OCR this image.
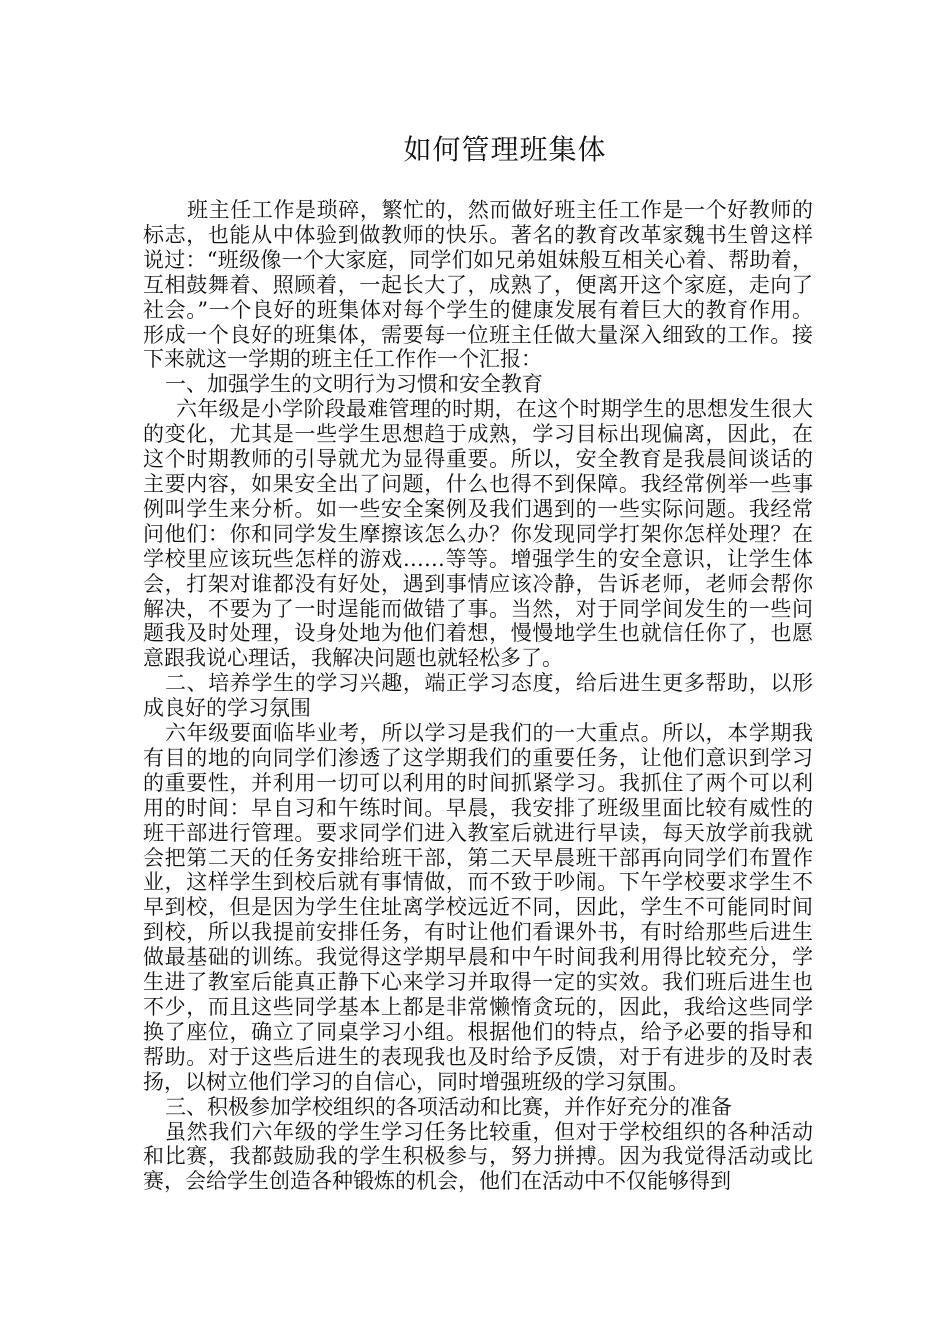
如何管理班集体

班主任工作是琐碎，繁忙的，然而做好班主任工作是一个好教师的标志，也能从中体验到做教师的快乐。著名的教育改革家魏书生曾这样说过：“班级像一个大家庭，同学们如兄弟姐妹般互相关心着、帮助着，互相鼓舞着、照顾着，一起长大了，成熟了，便离开这个家庭，走向了社会。”一个良好的班集体对每个学生的健康发展有着巨大的教育作用。形成一个良好的班集体，需要每一位班主任做大量深入细致的工作。接下来就这一学期的班主任工作作一个汇报：

一、加强学生的文明行为习惯和安全教育

六年级是小学阶段最难管理的时期，在这个时期学生的思想发生很大的变化，尤其是一些学生思想趋于成熟，学习目标出现偏离，因此，在这个时期教师的引导就尤为显得重要。所以，安全教育是我晨间谈话的主要内容，如果安全出了问题，什么也得不到保障。我经常例举一些事例叫学生来分析。如一些安全案例及我们遇到的一些实际问题。我经常问他们：你和同学发生摩擦该怎么办？你发现同学打架你怎样处理？在学校里应该玩些怎样的游戏……等等。增强学生的安全意识，让学生体会，打架对谁都没有好处，遇到事情应该冷静，告诉老师，老师会帮你解决，不要为了一时逞能而做错了事。当然，对于同学间发生的一些问题我及时处理，设身处地为他们着想，慢慢地学生也就信任你了，也愿意跟我说心理话，我解决问题也就轻松多了。

二、培养学生的学习兴趣，端正学习态度，给后进生更多帮助，以形成良好的学习氛围

六年级要面临毕业考，所以学习是我们的一大重点。所以，本学期我有目的地的向同学们渗透了这学期我们的重要任务，让他们意识到学习的重要性，并利用一切可以利用的时间抓紧学习。我抓住了两个可以利用的时间：早自习和午练时间。早晨，我安排了班级里面比较有威性的班干部进行管理。要求同学们进入教室后就进行早读，每天放学前我就会把第二天的任务安排给班干部，第二天早晨班干部再向同学们布置作业，这样学生到校后就有事情做，而不致于吵闹。下午学校要求学生不早到校，但是因为学生住址离学校远近不同，因此，学生不可能同时间到校，所以我提前安排任务，有时让他们看课外书，有时给那些后进生做最基础的训练。我觉得这学期早晨和中午时间我利用得比较充分，学生进了教室后能真正静下心来学习并取得一定的实效。我们班后进生也不少，而且这些同学基本上都是非常懒惰贪玩的，因此，我给这些同学换了座位，确立了同桌学习小组。根据他们的特点，给予必要的指导和帮助。对于这些后进生的表现我也及时给予反馈，对于有进步的及时表扬，以树立他们学习的自信心，同时增强班级的学习氛围。

三、积极参加学校组织的各项活动和比赛，并作好充分的准备

虽然我们六年级的学生学习任务比较重，但对于学校组织的各种活动和比赛，我都鼓励我的学生积极参与，努力拼搏。因为我觉得活动或比赛，会给学生创造各种锻炼的机会，他们在活动中不仅能够得到
